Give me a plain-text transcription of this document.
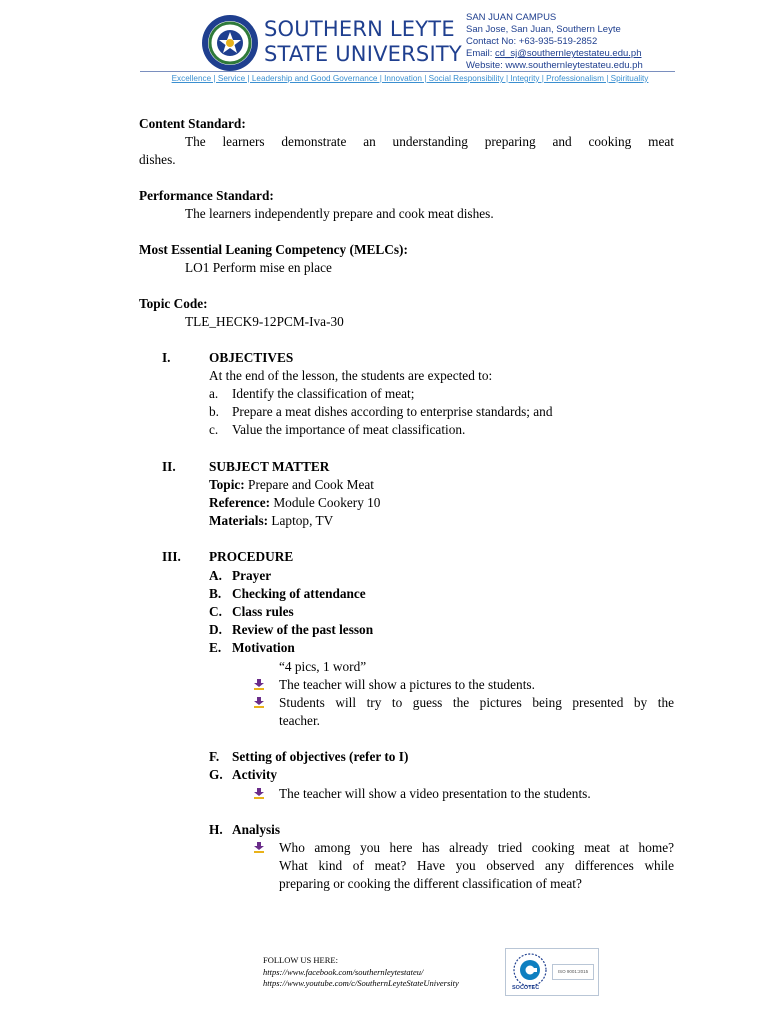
SOUTHERN LEYTE
STATE UNIVERSITY
SAN JUAN CAMPUS
San Jose, San Juan, Southern Leyte
Contact No: +63-935-519-2852
Email: cd_sj@southernleytestateu.edu.ph
Website: www.southernleytestateu.edu.ph
Excellence | Service | Leadership and Good Governance | Innovation | Social Responsibility | Integrity | Professionalism | Spirituality
Content Standard:
The learners demonstrate an understanding preparing and cooking meat
dishes.
Performance Standard:
The learners independently prepare and cook meat dishes.
Most Essential Leaning Competency (MELCs):
LO1 Perform mise en place
Topic Code:
TLE_HECK9-12PCM-Iva-30
I.	OBJECTIVES
At the end of the lesson, the students are expected to:
a. Identify the classification of meat;
b. Prepare a meat dishes according to enterprise standards; and
c. Value the importance of meat classification.
II.	SUBJECT MATTER
Topic: Prepare and Cook Meat
Reference: Module Cookery 10
Materials: Laptop, TV
III. PROCEDURE
A. Prayer
B. Checking of attendance
C. Class rules
D. Review of the past lesson
E. Motivation
“4 pics, 1 word”
The teacher will show a pictures to the students.
Students will try to guess the pictures being presented by the
teacher.
F. Setting of objectives (refer to I)
G. Activity
The teacher will show a video presentation to the students.
H. Analysis
Who among you here has already tried cooking meat at home?
What kind of meat? Have you observed any differences while
preparing or cooking the different classification of meat?
FOLLOW US HERE:
https://www.facebook.com/southernleytestateu/
https://www.youtube.com/c/SouthernLeyteStateUniversity	SOCOTEC
ISO 9001:2015
